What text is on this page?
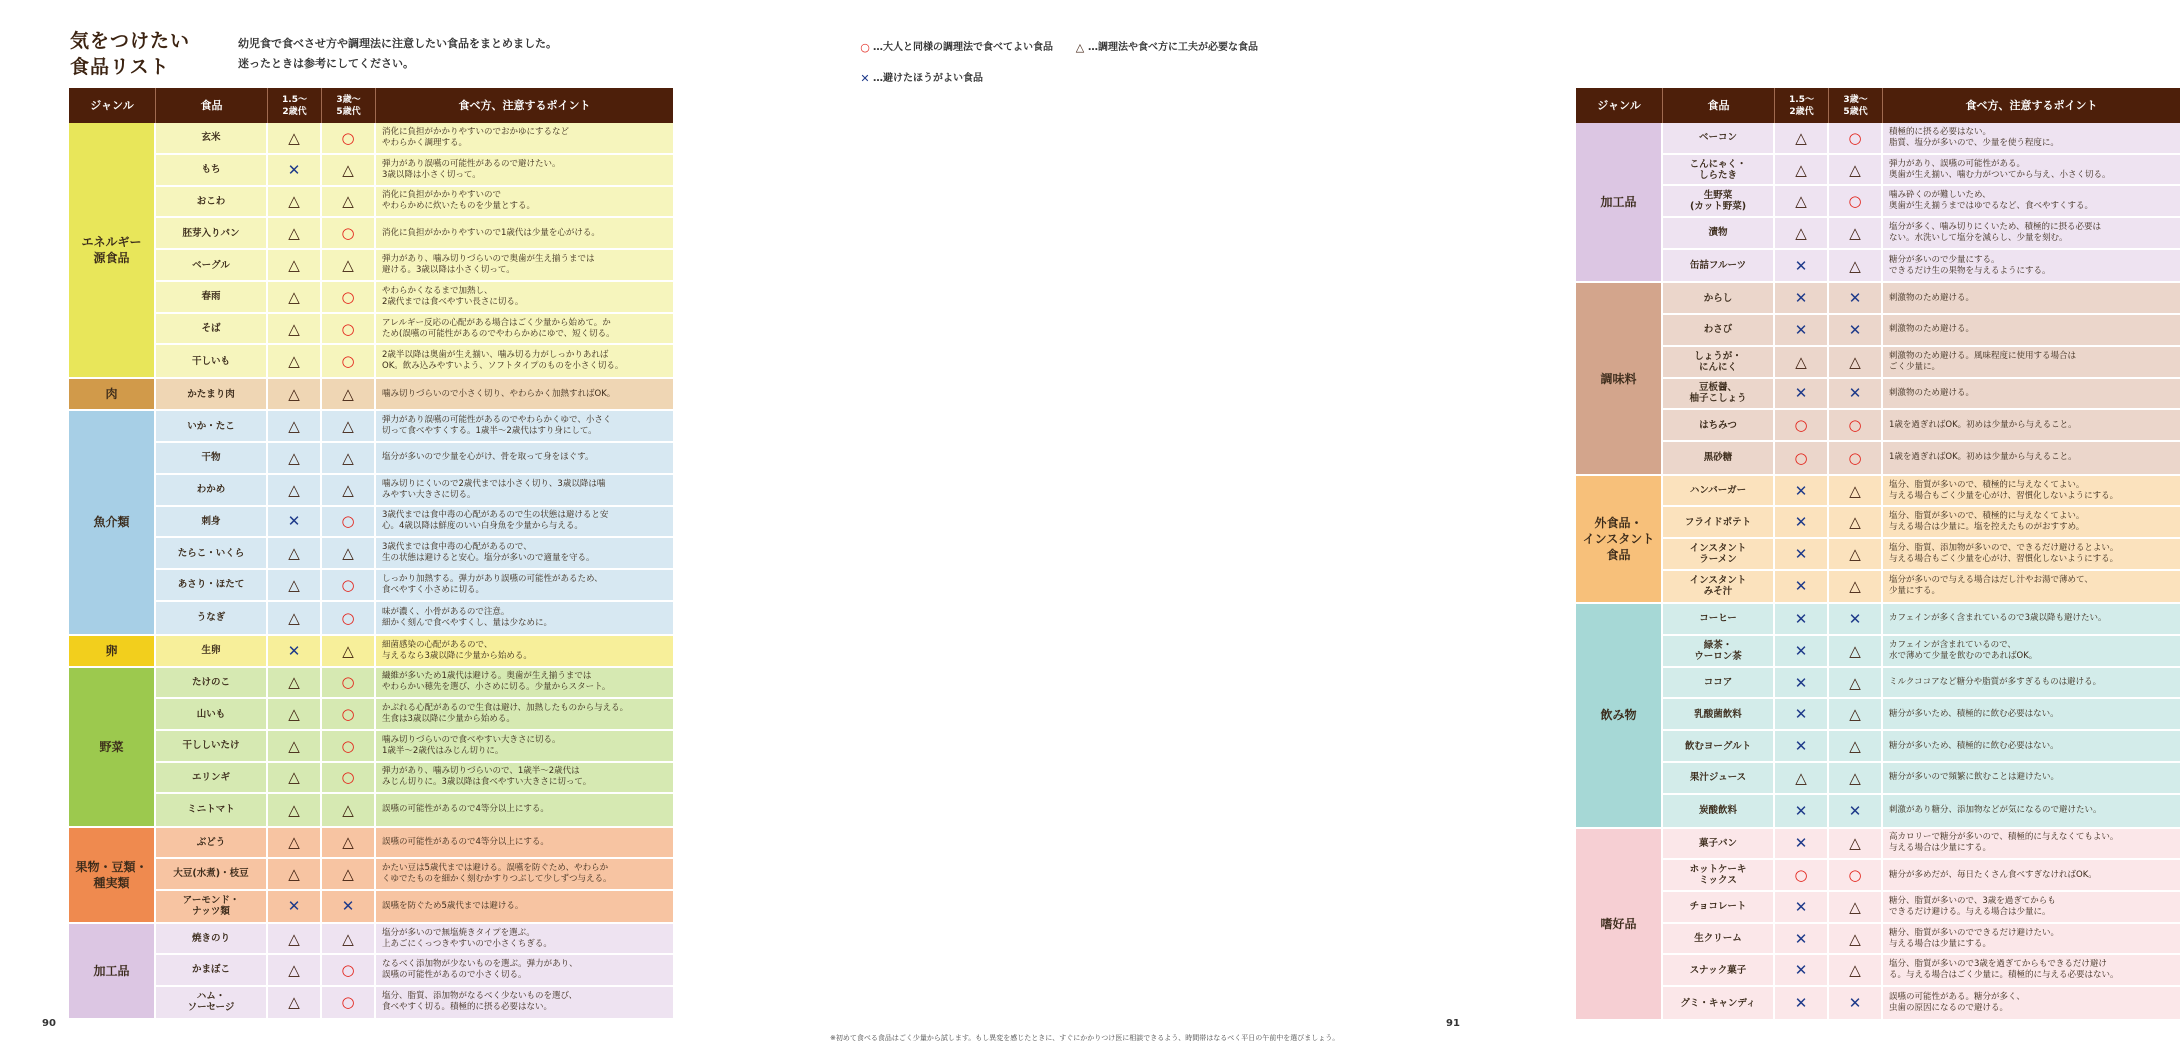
気をつけたい
食品リスト
幼児食で食べさせ方や調理法に注意したい食品をまとめました。
迷ったときは参考にしてください。
ジャンル	食品	1.5〜
2歳代
3歳〜
5歳代	食べ方、注意するポイント
エネルギー
源食品
玄米	△	○	消化に負担がかかりやすいのでおかゆにするなど
やわらかく調理する。
もち	✕	△	弾力があり誤嚥の可能性があるので避けたい。
3歳以降は小さく切って。
おこわ	△	△	消化に負担がかかりやすいので
やわらかめに炊いたものを少量とする。
胚芽入りパン	△	○	消化に負担がかかりやすいので1歳代は少量を心がける。
ベーグル	△	△	弾力があり、噛み切りづらいので奥歯が生え揃うまでは
避ける。3歳以降は小さく切って。
春雨	△	○	やわらかくなるまで加熱し、
2歳代までは食べやすい長さに切る。
そば	△	○	アレルギー反応の心配がある場合はごく少量から始めて。か
ため(誤嚥の可能性があるのでやわらかめにゆで、短く切る。
干しいも	△	○	2歳半以降は奥歯が生え揃い、噛み切る力がしっかりあれば
OK。飲み込みやすいよう、ソフトタイプのものを小さく切る。
肉	かたまり肉	△	△	噛み切りづらいので小さく切り、やわらかく加熱すればOK。
魚介類
いか・たこ	△	△	弾力があり誤嚥の可能性があるのでやわらかくゆで、小さく
切って食べやすくする。1歳半〜2歳代はすり身にして。
干物	△	△	塩分が多いので少量を心がけ、骨を取って身をほぐす。
わかめ	△	△	噛み切りにくいので2歳代までは小さく切り、3歳以降は噛
みやすい大きさに切る。
刺身	✕	○	3歳代までは食中毒の心配があるので生の状態は避けると安
心。4歳以降は鮮度のいい白身魚を少量から与える。
たらこ・いくら	△	△	3歳代までは食中毒の心配があるので、
生の状態は避けると安心。塩分が多いので適量を守る。
あさり・ほたて	△	○	しっかり加熱する。弾力があり誤嚥の可能性があるため、
食べやすく小さめに切る。
うなぎ	△	○	味が濃く、小骨があるので注意。
細かく刻んで食べやすくし、量は少なめに。
卵	生卵	✕	△	細菌感染の心配があるので、
与えるなら3歳以降に少量から始める。
野菜
たけのこ	△	○	繊維が多いため1歳代は避ける。奥歯が生え揃うまでは
やわらかい穂先を選び、小さめに切る。少量からスタート。
山いも	△	○	かぶれる心配があるので生食は避け、加熱したものから与える。
生食は3歳以降に少量から始める。
干ししいたけ	△	○	噛み切りづらいので食べやすい大きさに切る。
1歳半〜2歳代はみじん切りに。
エリンギ	△	○	弾力があり、噛み切りづらいので、1歳半〜2歳代は
みじん切りに。3歳以降は食べやすい大きさに切って。
ミニトマト	△	△	誤嚥の可能性があるので4等分以上にする。
果物・豆類・
種実類
ぶどう	△	△	誤嚥の可能性があるので4等分以上にする。
大豆(水煮)・枝豆	△	△	かたい豆は5歳代までは避ける。誤嚥を防ぐため、やわらか
くゆでたものを細かく刻むかすりつぶして少しずつ与える。
アーモンド・
ナッツ類	✕	✕	誤嚥を防ぐため5歳代までは避ける。
加工品
焼きのり	△	△	塩分が多いので無塩焼きタイプを選ぶ。
上あごにくっつきやすいので小さくちぎる。
かまぼこ	△	○	なるべく添加物が少ないものを選ぶ。弾力があり、
誤嚥の可能性があるので小さく切る。
ハム・
ソーセージ	△	○	塩分、脂質、添加物がなるべく少ないものを選び、
食べやすく切る。積極的に摂る必要はない。
90
○ …大人と同様の調理法で食べてよい食品 △ …調理法や食べ方に工夫が必要な食品
✕ …避けたほうがよい食品
ジャンル	食品	1.5〜
2歳代
3歳〜
5歳代	食べ方、注意するポイント
加工品
ベーコン	△	○	積極的に摂る必要はない。
脂質、塩分が多いので、少量を使う程度に。
こんにゃく・
しらたき	△	△	弾力があり、誤嚥の可能性がある。
奥歯が生え揃い、噛む力がついてから与え、小さく切る。
生野菜
(カット野菜)	△	○	噛み砕くのが難しいため、
奥歯が生え揃うまではゆでるなど、食べやすくする。
漬物	△	△	塩分が多く、噛み切りにくいため、積極的に摂る必要は
ない。水洗いして塩分を減らし、少量を刻む。
缶詰フルーツ	✕	△	糖分が多いので少量にする。
できるだけ生の果物を与えるようにする。
調味料
からし	✕	✕	刺激物のため避ける。
わさび	✕	✕	刺激物のため避ける。
しょうが・
にんにく	△	△	刺激物のため避ける。風味程度に使用する場合は
ごく少量に。
豆板醤、
柚子こしょう	✕	✕	刺激物のため避ける。
はちみつ	○	○	1歳を過ぎればOK。初めは少量から与えること。
黒砂糖	○	○	1歳を過ぎればOK。初めは少量から与えること。
外食品・
インスタント
食品
ハンバーガー	✕	△	塩分、脂質が多いので、積極的に与えなくてよい。
与える場合もごく少量を心がけ、習慣化しないようにする。
フライドポテト	✕	△	塩分、脂質が多いので、積極的に与えなくてよい。
与える場合は少量に。塩を控えたものがおすすめ。
インスタント
ラーメン	✕	△	塩分、脂質、添加物が多いので、できるだけ避けるとよい。
与える場合もごく少量を心がけ、習慣化しないようにする。
インスタント
みそ汁	✕	△	塩分が多いので与える場合はだし汁やお湯で薄めて、
少量にする。
飲み物
コーヒー	✕	✕	カフェインが多く含まれているので3歳以降も避けたい。
緑茶・
ウーロン茶	✕	△	カフェインが含まれているので、
水で薄めて少量を飲むのであればOK。
ココア	✕	△	ミルクココアなど糖分や脂質が多すぎるものは避ける。
乳酸菌飲料	✕	△	糖分が多いため、積極的に飲む必要はない。
飲むヨーグルト	✕	△	糖分が多いため、積極的に飲む必要はない。
果汁ジュース	△	△	糖分が多いので頻繁に飲むことは避けたい。
炭酸飲料	✕	✕	刺激があり糖分、添加物などが気になるので避けたい。
嗜好品
菓子パン	✕	△	高カロリーで糖分が多いので、積極的に与えなくてもよい。
与える場合は少量にする。
ホットケーキ
ミックス	○	○	糖分が多めだが、毎日たくさん食べすぎなければOK。
チョコレート	✕	△	糖分、脂質が多いので、3歳を過ぎてからも
できるだけ避ける。与える場合は少量に。
生クリーム	✕	△	糖分、脂質が多いのでできるだけ避けたい。
与える場合は少量にする。
スナック菓子	✕	△	塩分、脂質が多いので3歳を過ぎてからもできるだけ避け
る。与える場合はごく少量に。積極的に与える必要はない。
グミ・キャンディ	✕	✕	誤嚥の可能性がある。糖分が多く、
虫歯の原因になるので避ける。
※初めて食べる食品はごく少量から試します。もし異変を感じたときに、すぐにかかりつけ医に相談できるよう、時間帯はなるべく平日の午前中を選びましょう。
91
